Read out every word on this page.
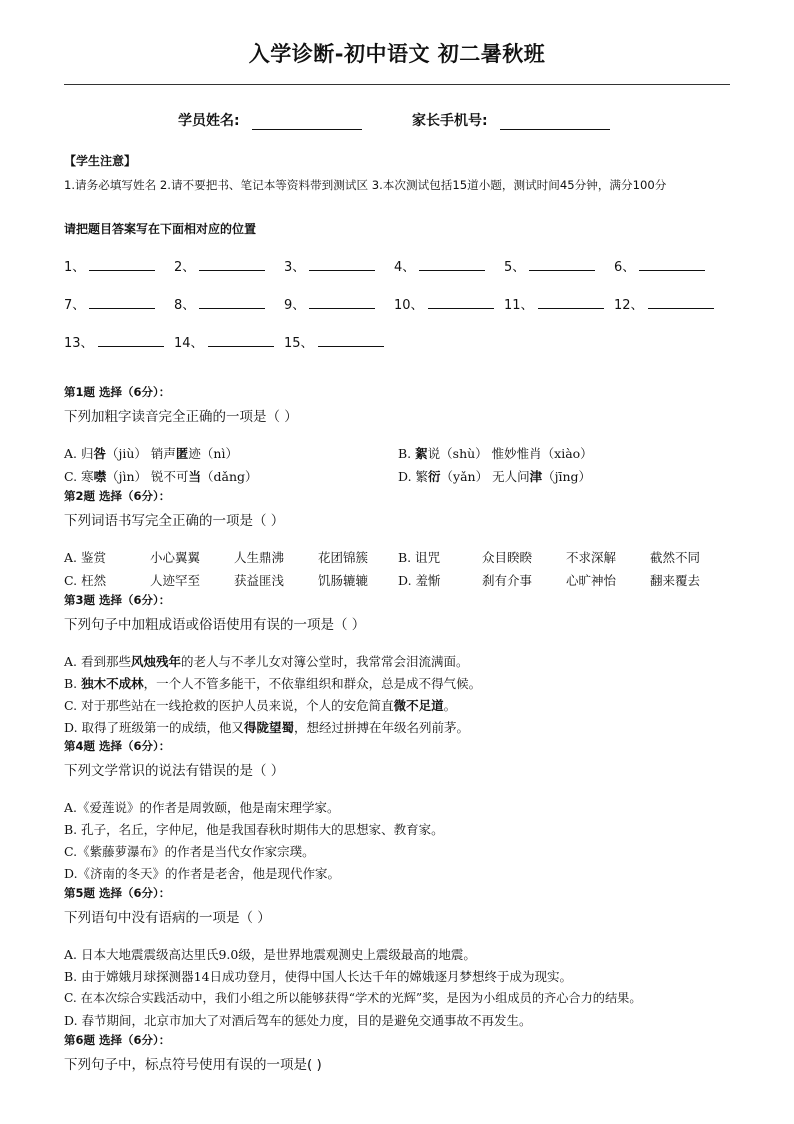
入学诊断-初中语文 初二暑秋班
学员姓名:	家长手机号:
【学生注意】
1.请务必填写姓名 2.请不要把书、笔记本等资料带到测试区 3.本次测试包括15道小题，测试时间45分钟，满分100分
请把题目答案写在下面相对应的位置
1、	2、	3、	4、	5、	6、
7、	8、	9、	10、	11、	12、
13、	14、	15、
第1题 选择（6分）：
下列加粗字读音完全正确的一项是（ ）
A. 归咎（jiù） 销声匿迹（nì）	B. 絮说（shù） 惟妙惟肖（xiào）
C. 寒噤（jìn） 锐不可当（dǎng）	D. 繁衍（yǎn） 无人问津（jīng）
第2题 选择（6分）：
下列词语书写完全正确的一项是（ ）
A. 鉴赏	小心翼翼	人生鼎沸	花团锦簇 B. 诅咒	众目睽睽	不求深解	截然不同
C. 枉然	人迹罕至	获益匪浅	饥肠辘辘 D. 羞惭	刹有介事	心旷神怡	翻来覆去
第3题 选择（6分）：
下列句子中加粗成语或俗语使用有误的一项是（ ）
A. 看到那些风烛残年的老人与不孝儿女对簿公堂时，我常常会泪流满面。
B. 独木不成林，一个人不管多能干，不依靠组织和群众，总是成不得气候。
C. 对于那些站在一线抢救的医护人员来说，个人的安危简直微不足道。
D. 取得了班级第一的成绩，他又得陇望蜀，想经过拼搏在年级名列前茅。
第4题 选择（6分）：
下列文学常识的说法有错误的是（ ）
A.《爱莲说》的作者是周敦颐，他是南宋理学家。
B. 孔子，名丘，字仲尼，他是我国春秋时期伟大的思想家、教育家。
C.《紫藤萝瀑布》的作者是当代女作家宗璞。
D.《济南的冬天》的作者是老舍，他是现代作家。
第5题 选择（6分）：
下列语句中没有语病的一项是（ ）
A. 日本大地震震级高达里氏9.0级，是世界地震观测史上震级最高的地震。
B. 由于嫦娥月球探测器14日成功登月，使得中国人长达千年的嫦娥逐月梦想终于成为现实。
C. 在本次综合实践活动中，我们小组之所以能够获得“学术的光辉”奖，是因为小组成员的齐心合力的结果。
D. 春节期间，北京市加大了对酒后驾车的惩处力度，目的是避免交通事故不再发生。
第6题 选择（6分）：
下列句子中，标点符号使用有误的一项是( )
